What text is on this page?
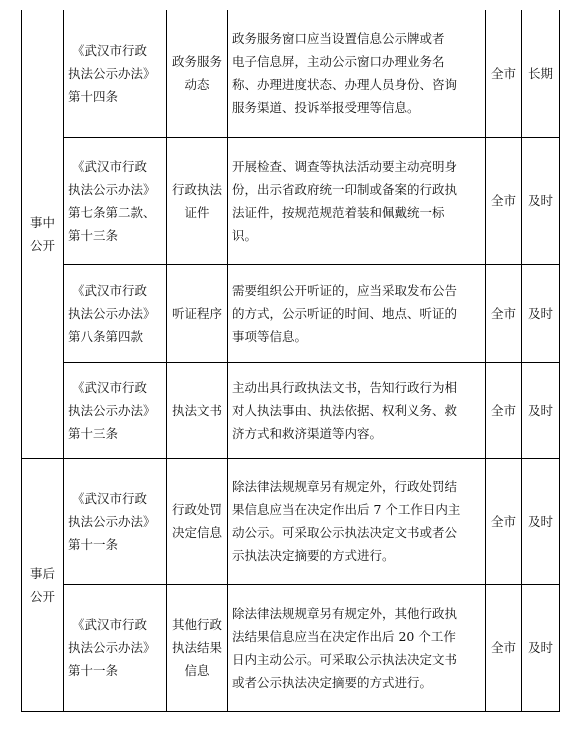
事中
公开	《武汉市行政
执法公示办法》
第十四条	政务服务
动态	政务服务窗口应当设置信息公示牌或者
电子信息屏，主动公示窗口办理业务名
称、办理进度状态、办理人员身份、咨询
服务渠道、投诉举报受理等信息。	全市	长期

	《武汉市行政
执法公示办法》
第七条第二款、
第十三条	行政执法
证件	开展检查、调查等执法活动要主动亮明身
份，出示省政府统一印制或备案的行政执
法证件，按规范规范着装和佩戴统一标
识。	全市	及时

	《武汉市行政
执法公示办法》
第八条第四款	听证程序	需要组织公开听证的，应当采取发布公告
的方式，公示听证的时间、地点、听证的
事项等信息。	全市	及时

	《武汉市行政
执法公示办法》
第十三条	执法文书	主动出具行政执法文书，告知行政行为相
对人执法事由、执法依据、权利义务、救
济方式和救济渠道等内容。	全市	及时

事后
公开	《武汉市行政
执法公示办法》
第十一条	行政处罚
决定信息	除法律法规规章另有规定外，行政处罚结
果信息应当在决定作出后 7 个工作日内主
动公示。可采取公示执法决定文书或者公
示执法决定摘要的方式进行。	全市	及时

	《武汉市行政
执法公示办法》
第十一条	其他行政
执法结果
信息	除法律法规规章另有规定外，其他行政执
法结果信息应当在决定作出后 20 个工作
日内主动公示。可采取公示执法决定文书
或者公示执法决定摘要的方式进行。	全市	及时
